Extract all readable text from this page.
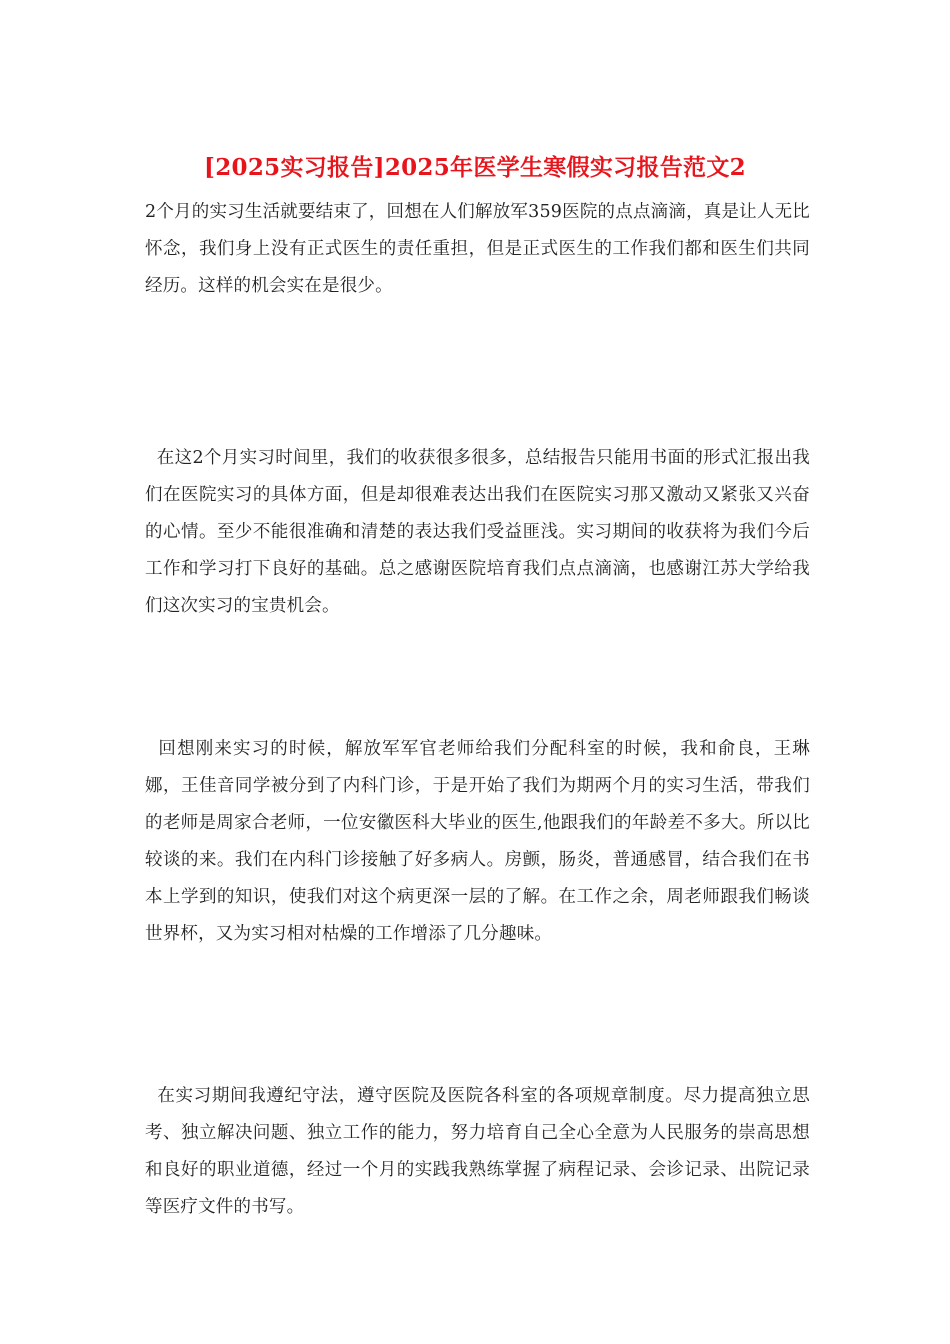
[2025实习报告]2025年医学生寒假实习报告范文2

2个月的实习生活就要结束了，回想在人们解放军359医院的点点滴滴，真是让人无比怀念，我们身上没有正式医生的责任重担，但是正式医生的工作我们都和医生们共同经历。这样的机会实在是很少。

在这2个月实习时间里，我们的收获很多很多，总结报告只能用书面的形式汇报出我们在医院实习的具体方面，但是却很难表达出我们在医院实习那又激动又紧张又兴奋的心情。至少不能很准确和清楚的表达我们受益匪浅。实习期间的收获将为我们今后工作和学习打下良好的基础。总之感谢医院培育我们点点滴滴，也感谢江苏大学给我们这次实习的宝贵机会。

回想刚来实习的时候，解放军军官老师给我们分配科室的时候，我和俞良，王琳娜，王佳音同学被分到了内科门诊，于是开始了我们为期两个月的实习生活，带我们的老师是周家合老师，一位安徽医科大毕业的医生,他跟我们的年龄差不多大。所以比较谈的来。我们在内科门诊接触了好多病人。房颤，肠炎，普通感冒，结合我们在书本上学到的知识，使我们对这个病更深一层的了解。在工作之余，周老师跟我们畅谈世界杯，又为实习相对枯燥的工作增添了几分趣味。

在实习期间我遵纪守法，遵守医院及医院各科室的各项规章制度。尽力提高独立思考、独立解决问题、独立工作的能力，努力培育自己全心全意为人民服务的崇高思想和良好的职业道德，经过一个月的实践我熟练掌握了病程记录、会诊记录、出院记录等医疗文件的书写。
